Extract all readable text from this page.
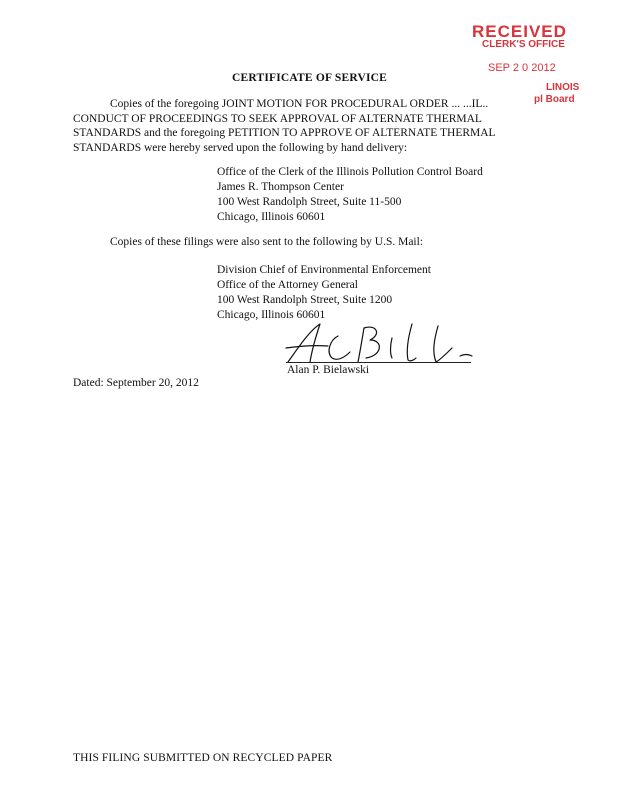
RECEIVED
CLERK'S OFFICE
SEP 2 0 2012
LINOIS
pl Board
CERTIFICATE OF SERVICE
Copies of the foregoing JOINT MOTION FOR PROCEDURAL ORDER ... ...IL.. CONDUCT OF PROCEEDINGS TO SEEK APPROVAL OF ALTERNATE THERMAL STANDARDS and the foregoing PETITION TO APPROVE OF ALTERNATE THERMAL STANDARDS were hereby served upon the following by hand delivery:
Office of the Clerk of the Illinois Pollution Control Board
James R. Thompson Center
100 West Randolph Street, Suite 11-500
Chicago, Illinois 60601
Copies of these filings were also sent to the following by U.S. Mail:
Division Chief of Environmental Enforcement
Office of the Attorney General
100 West Randolph Street, Suite 1200
Chicago, Illinois 60601
Alan P. Bielawski
Dated: September 20, 2012
THIS FILING SUBMITTED ON RECYCLED PAPER
